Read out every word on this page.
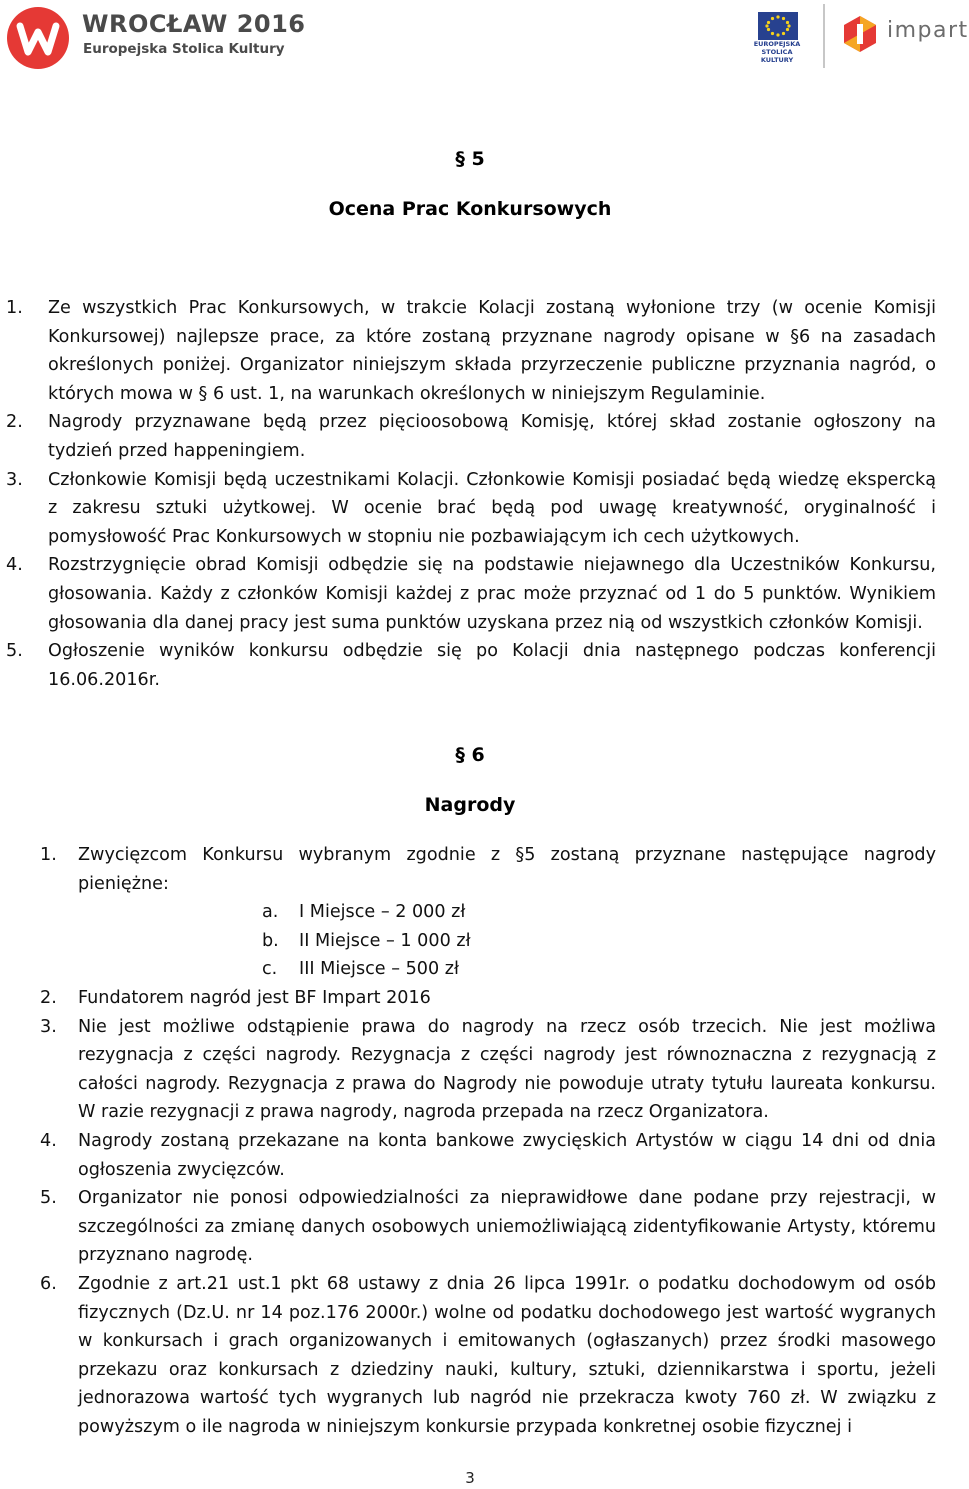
WROCŁAW 2016
Europejska Stolica Kultury	EUROPEJSKA
STOLICA KULTURY
impart
§ 5
Ocena Prac Konkursowych
1. Ze wszystkich Prac Konkursowych, w trakcie Kolacji zostaną wyłonione trzy (w ocenie Komisji Konkursowej) najlepsze prace, za które zostaną przyznane nagrody opisane w §6 na zasadach określonych poniżej. Organizator niniejszym składa przyrzeczenie publiczne przyznania nagród, o których mowa w § 6 ust. 1, na warunkach określonych w niniejszym Regulaminie.
2. Nagrody przyznawane będą przez pięcioosobową Komisję, której skład zostanie ogłoszony na tydzień przed happeningiem.
3. Członkowie Komisji będą uczestnikami Kolacji. Członkowie Komisji posiadać będą wiedzę ekspercką z zakresu sztuki użytkowej. W ocenie brać będą pod uwagę kreatywność, oryginalność i pomysłowość Prac Konkursowych w stopniu nie pozbawiającym ich cech użytkowych.
4. Rozstrzygnięcie obrad Komisji odbędzie się na podstawie niejawnego dla Uczestników Konkursu, głosowania. Każdy z członków Komisji każdej z prac może przyznać od 1 do 5 punktów. Wynikiem głosowania dla danej pracy jest suma punktów uzyskana przez nią od wszystkich członków Komisji.
5. Ogłoszenie wyników konkursu odbędzie się po Kolacji dnia następnego podczas konferencji 16.06.2016r.
§ 6
Nagrody
1. Zwycięzcom Konkursu wybranym zgodnie z §5 zostaną przyznane następujące nagrody pieniężne:
a. I Miejsce – 2 000 zł
b. II Miejsce – 1 000 zł
c. III Miejsce – 500 zł
2. Fundatorem nagród jest BF Impart 2016
3. Nie jest możliwe odstąpienie prawa do nagrody na rzecz osób trzecich. Nie jest możliwa rezygnacja z części nagrody. Rezygnacja z części nagrody jest równoznaczna z rezygnacją z całości nagrody. Rezygnacja z prawa do Nagrody nie powoduje utraty tytułu laureata konkursu. W razie rezygnacji z prawa nagrody, nagroda przepada na rzecz Organizatora.
4. Nagrody zostaną przekazane na konta bankowe zwycięskich Artystów w ciągu 14 dni od dnia ogłoszenia zwycięzców.
5. Organizator nie ponosi odpowiedzialności za nieprawidłowe dane podane przy rejestracji, w szczególności za zmianę danych osobowych uniemożliwiającą zidentyfikowanie Artysty, któremu przyznano nagrodę.
6. Zgodnie z art.21 ust.1 pkt 68 ustawy z dnia 26 lipca 1991r. o podatku dochodowym od osób fizycznych (Dz.U. nr 14 poz.176 2000r.) wolne od podatku dochodowego jest wartość wygranych w konkursach i grach organizowanych i emitowanych (ogłaszanych) przez środki masowego przekazu oraz konkursach z dziedziny nauki, kultury, sztuki, dziennikarstwa i sportu, jeżeli jednorazowa wartość tych wygranych lub nagród nie przekracza kwoty 760 zł. W związku z powyższym o ile nagroda w niniejszym konkursie przypada konkretnej osobie fizycznej i
3
